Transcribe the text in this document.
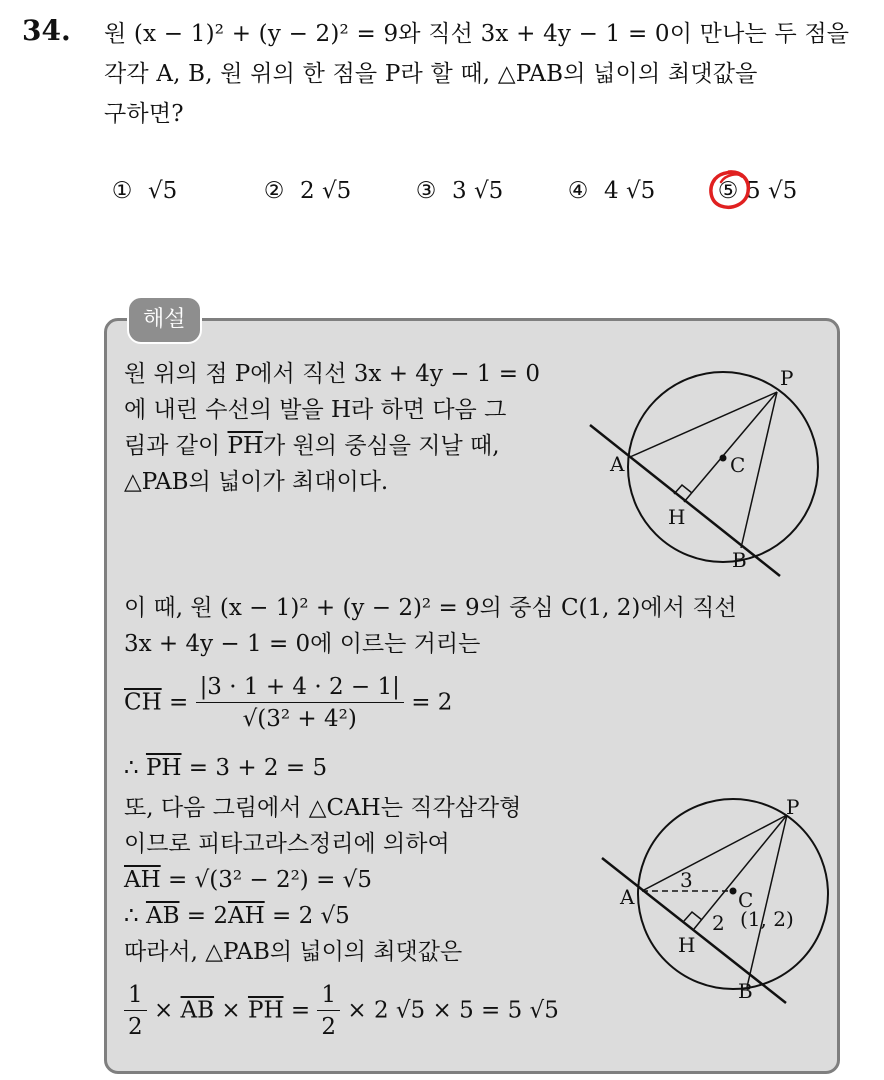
34. 원 (x − 1)² + (y − 2)² = 9와 직선 3x + 4y − 1 = 0이 만나는 두 점을
각각 A, B, 원 위의 한 점을 P라 할 때, △PAB의 넓이의 최댓값을
구하면?
① √5	② 2 √5	③ 3 √5	④ 4 √5	⑤ 5 √5
해설
원 위의 점 P에서 직선 3x + 4y − 1 = 0
에 내린 수선의 발을 H라 하면 다음 그
림과 같이 $\overline{PH}$가 원의 중심을 지날 때,
△PAB의 넓이가 최대이다.
P
A	C
H
B
이 때, 원 (x − 1)² + (y − 2)² = 9의 중심 C(1, 2)에서 직선
3x + 4y − 1 = 0에 이르는 거리는
$\overline{CH} = \frac{|3 \cdot 1 + 4 \cdot 2 - 1|}{\text{√(3² + 4²)}} = 2$
∴ $\overline{PH} = 3 + 2 = 5$
또, 다음 그림에서 △CAH는 직각삼각형
이므로 피타고라스정리에 의하여
$\overline{AH} = √(3^2 - 2^2) = √5$
∴ $\overline{AB} = 2\overline{AH} = 2$ √5
따라서, △PAB의 넓이의 최댓값은
$\frac{1}{2} \times \overline{AB} \times \overline{PH} = \frac{1}{2} \times 2$ √5 × 5 = 5 √5
P
A	C
(1, 2)
3
2
H
B
